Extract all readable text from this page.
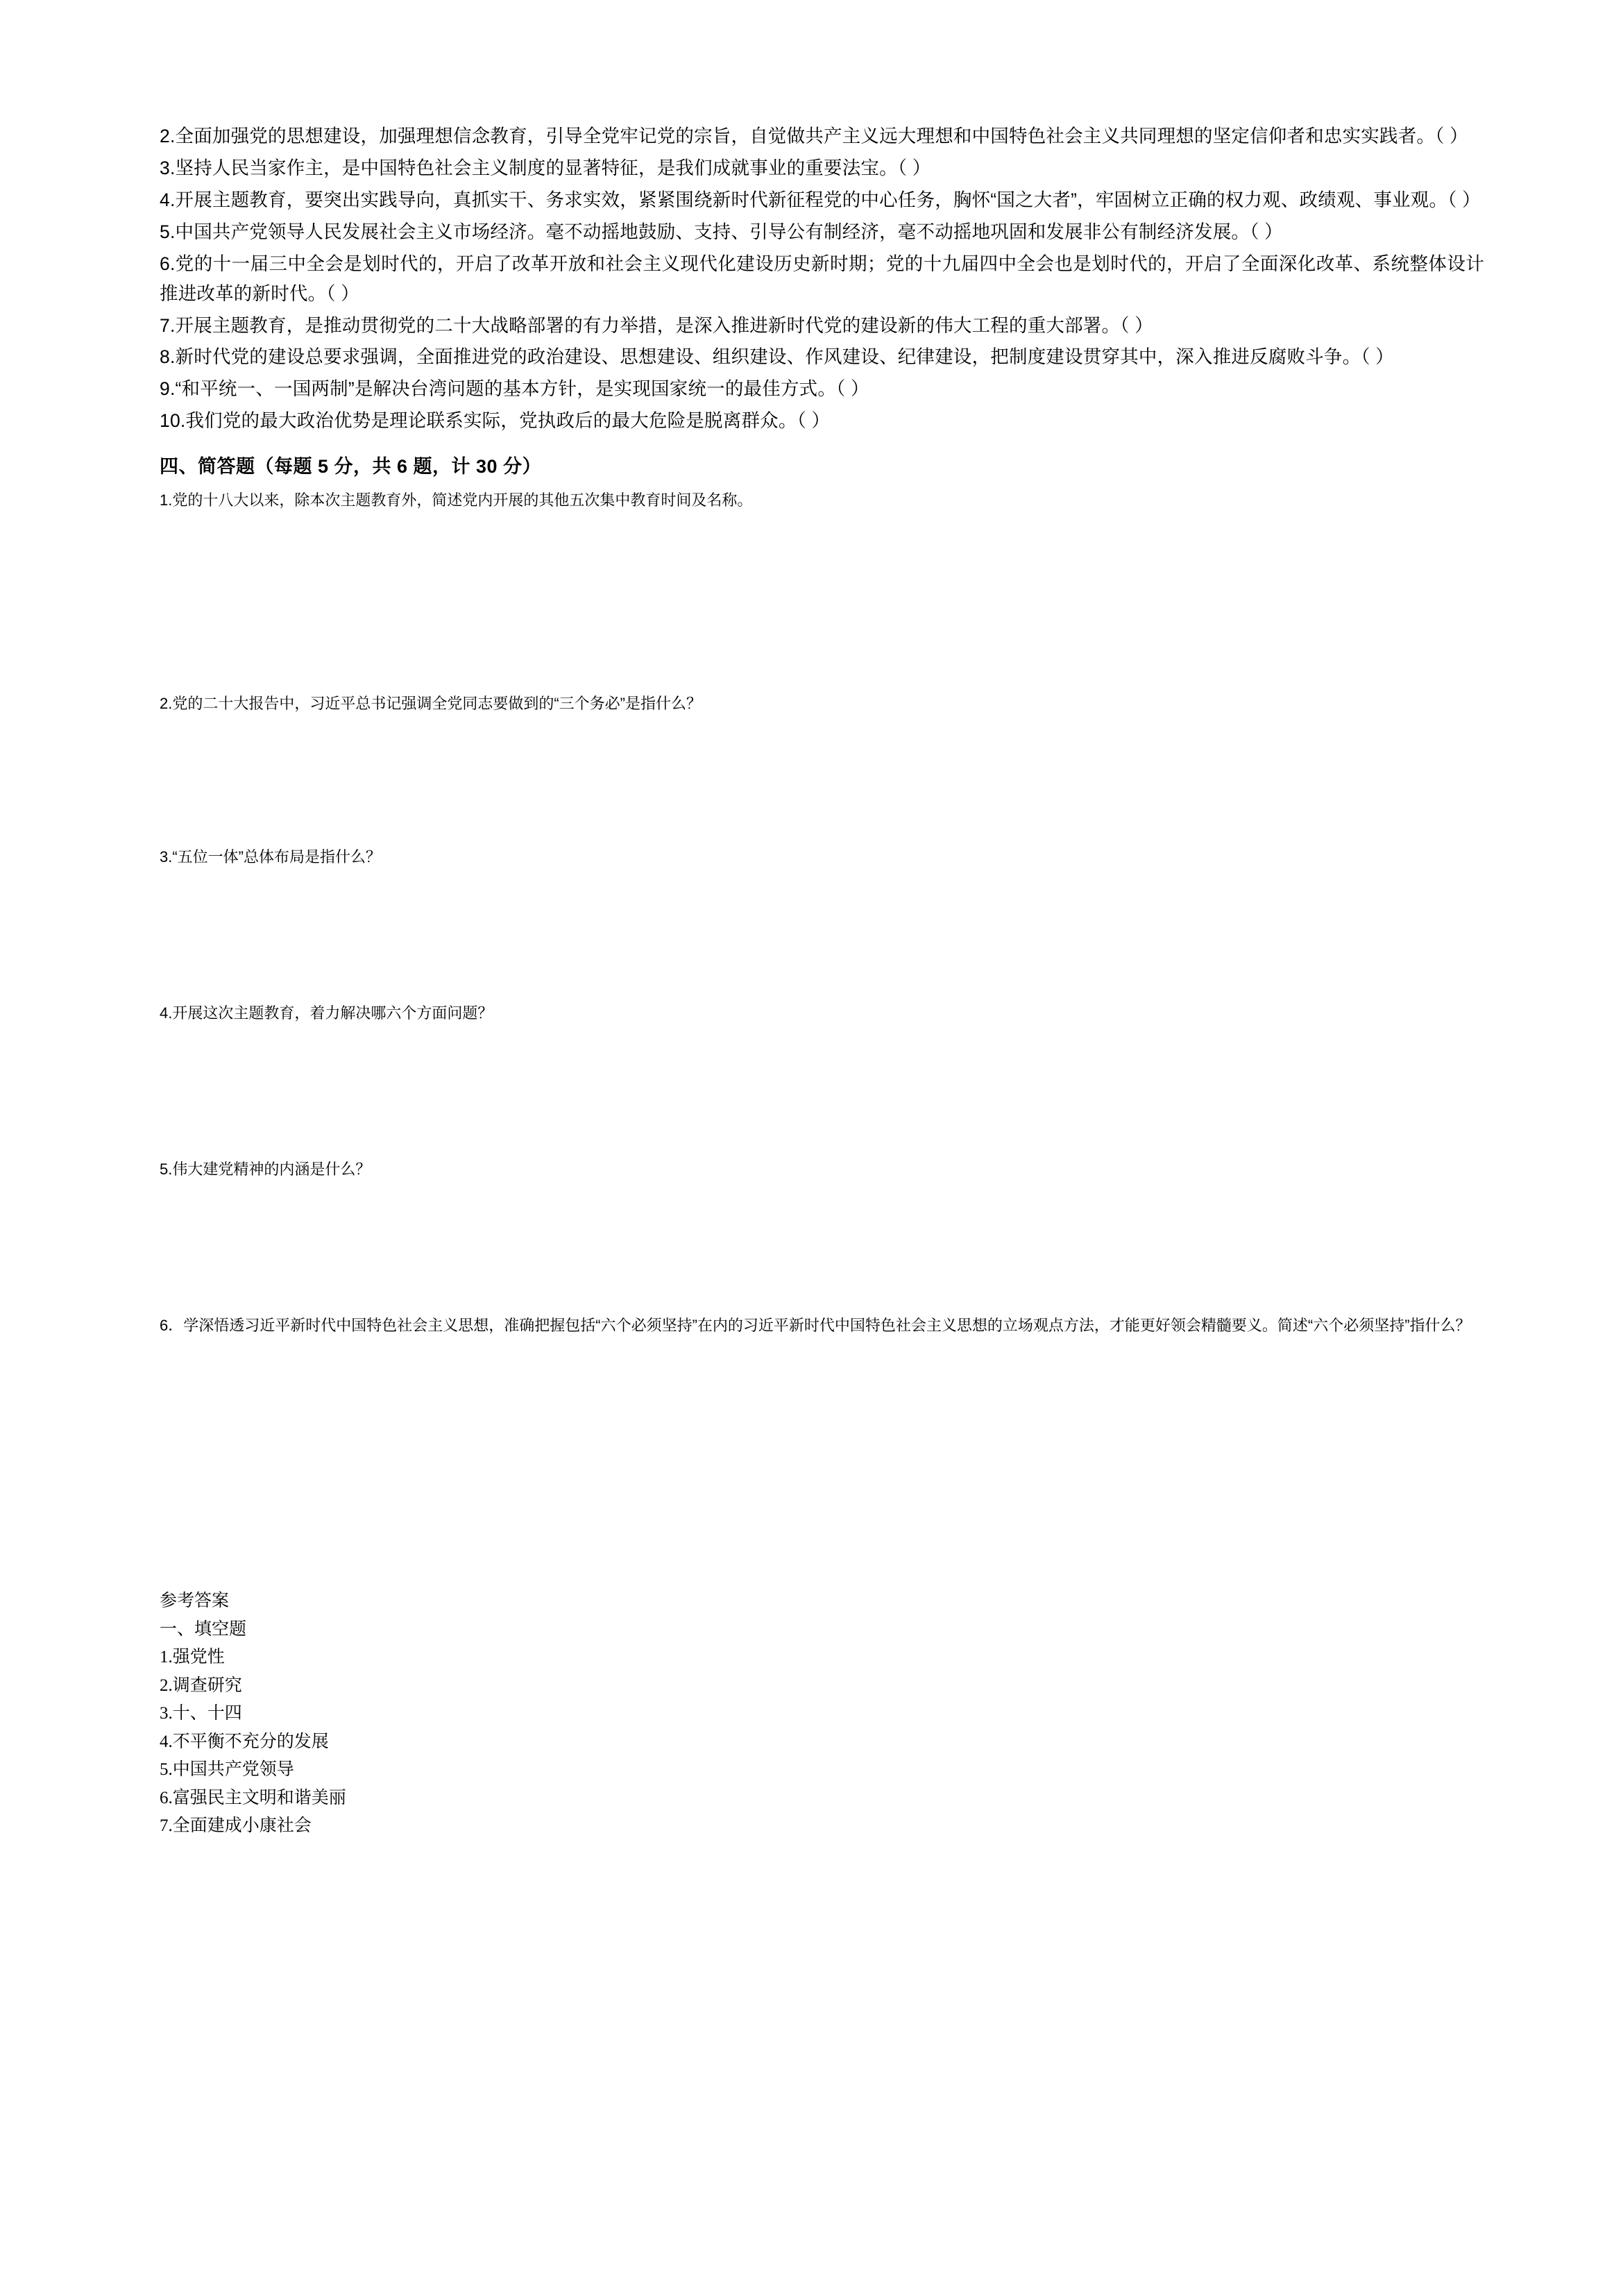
2.全面加强党的思想建设，加强理想信念教育，引导全党牢记党的宗旨，自觉做共产主义远大理想和中国特色社会主义共同理想的坚定信仰者和忠实实践者。（ ）

3.坚持人民当家作主，是中国特色社会主义制度的显著特征，是我们成就事业的重要法宝。（ ）

4.开展主题教育，要突出实践导向，真抓实干、务求实效，紧紧围绕新时代新征程党的中心任务，胸怀“国之大者”，牢固树立正确的权力观、政绩观、事业观。（ ）

5.中国共产党领导人民发展社会主义市场经济。毫不动摇地鼓励、支持、引导公有制经济，毫不动摇地巩固和发展非公有制经济发展。（ ）

6.党的十一届三中全会是划时代的，开启了改革开放和社会主义现代化建设历史新时期；党的十九届四中全会也是划时代的，开启了全面深化改革、系统整体设计推进改革的新时代。（ ）

7.开展主题教育，是推动贯彻党的二十大战略部署的有力举措，是深入推进新时代党的建设新的伟大工程的重大部署。（ ）

8.新时代党的建设总要求强调，全面推进党的政治建设、思想建设、组织建设、作风建设、纪律建设，把制度建设贯穿其中，深入推进反腐败斗争。（ ）

9.“和平统一、一国两制”是解决台湾问题的基本方针，是实现国家统一的最佳方式。（ ）

10.我们党的最大政治优势是理论联系实际，党执政后的最大危险是脱离群众。（ ）

四、简答题（每题 5 分，共 6 题，计 30 分）

1.党的十八大以来，除本次主题教育外，简述党内开展的其他五次集中教育时间及名称。

2.党的二十大报告中，习近平总书记强调全党同志要做到的“三个务必”是指什么？

3.“五位一体”总体布局是指什么？

4.开展这次主题教育，着力解决哪六个方面问题？

5.伟大建党精神的内涵是什么？

6．学深悟透习近平新时代中国特色社会主义思想，准确把握包括“六个必须坚持”在内的习近平新时代中国特色社会主义思想的立场观点方法，才能更好领会精髓要义。简述“六个必须坚持”指什么？

参考答案

一、填空题

1.强党性

2.调查研究

3.十、十四

4.不平衡不充分的发展

5.中国共产党领导

6.富强民主文明和谐美丽

7.全面建成小康社会
